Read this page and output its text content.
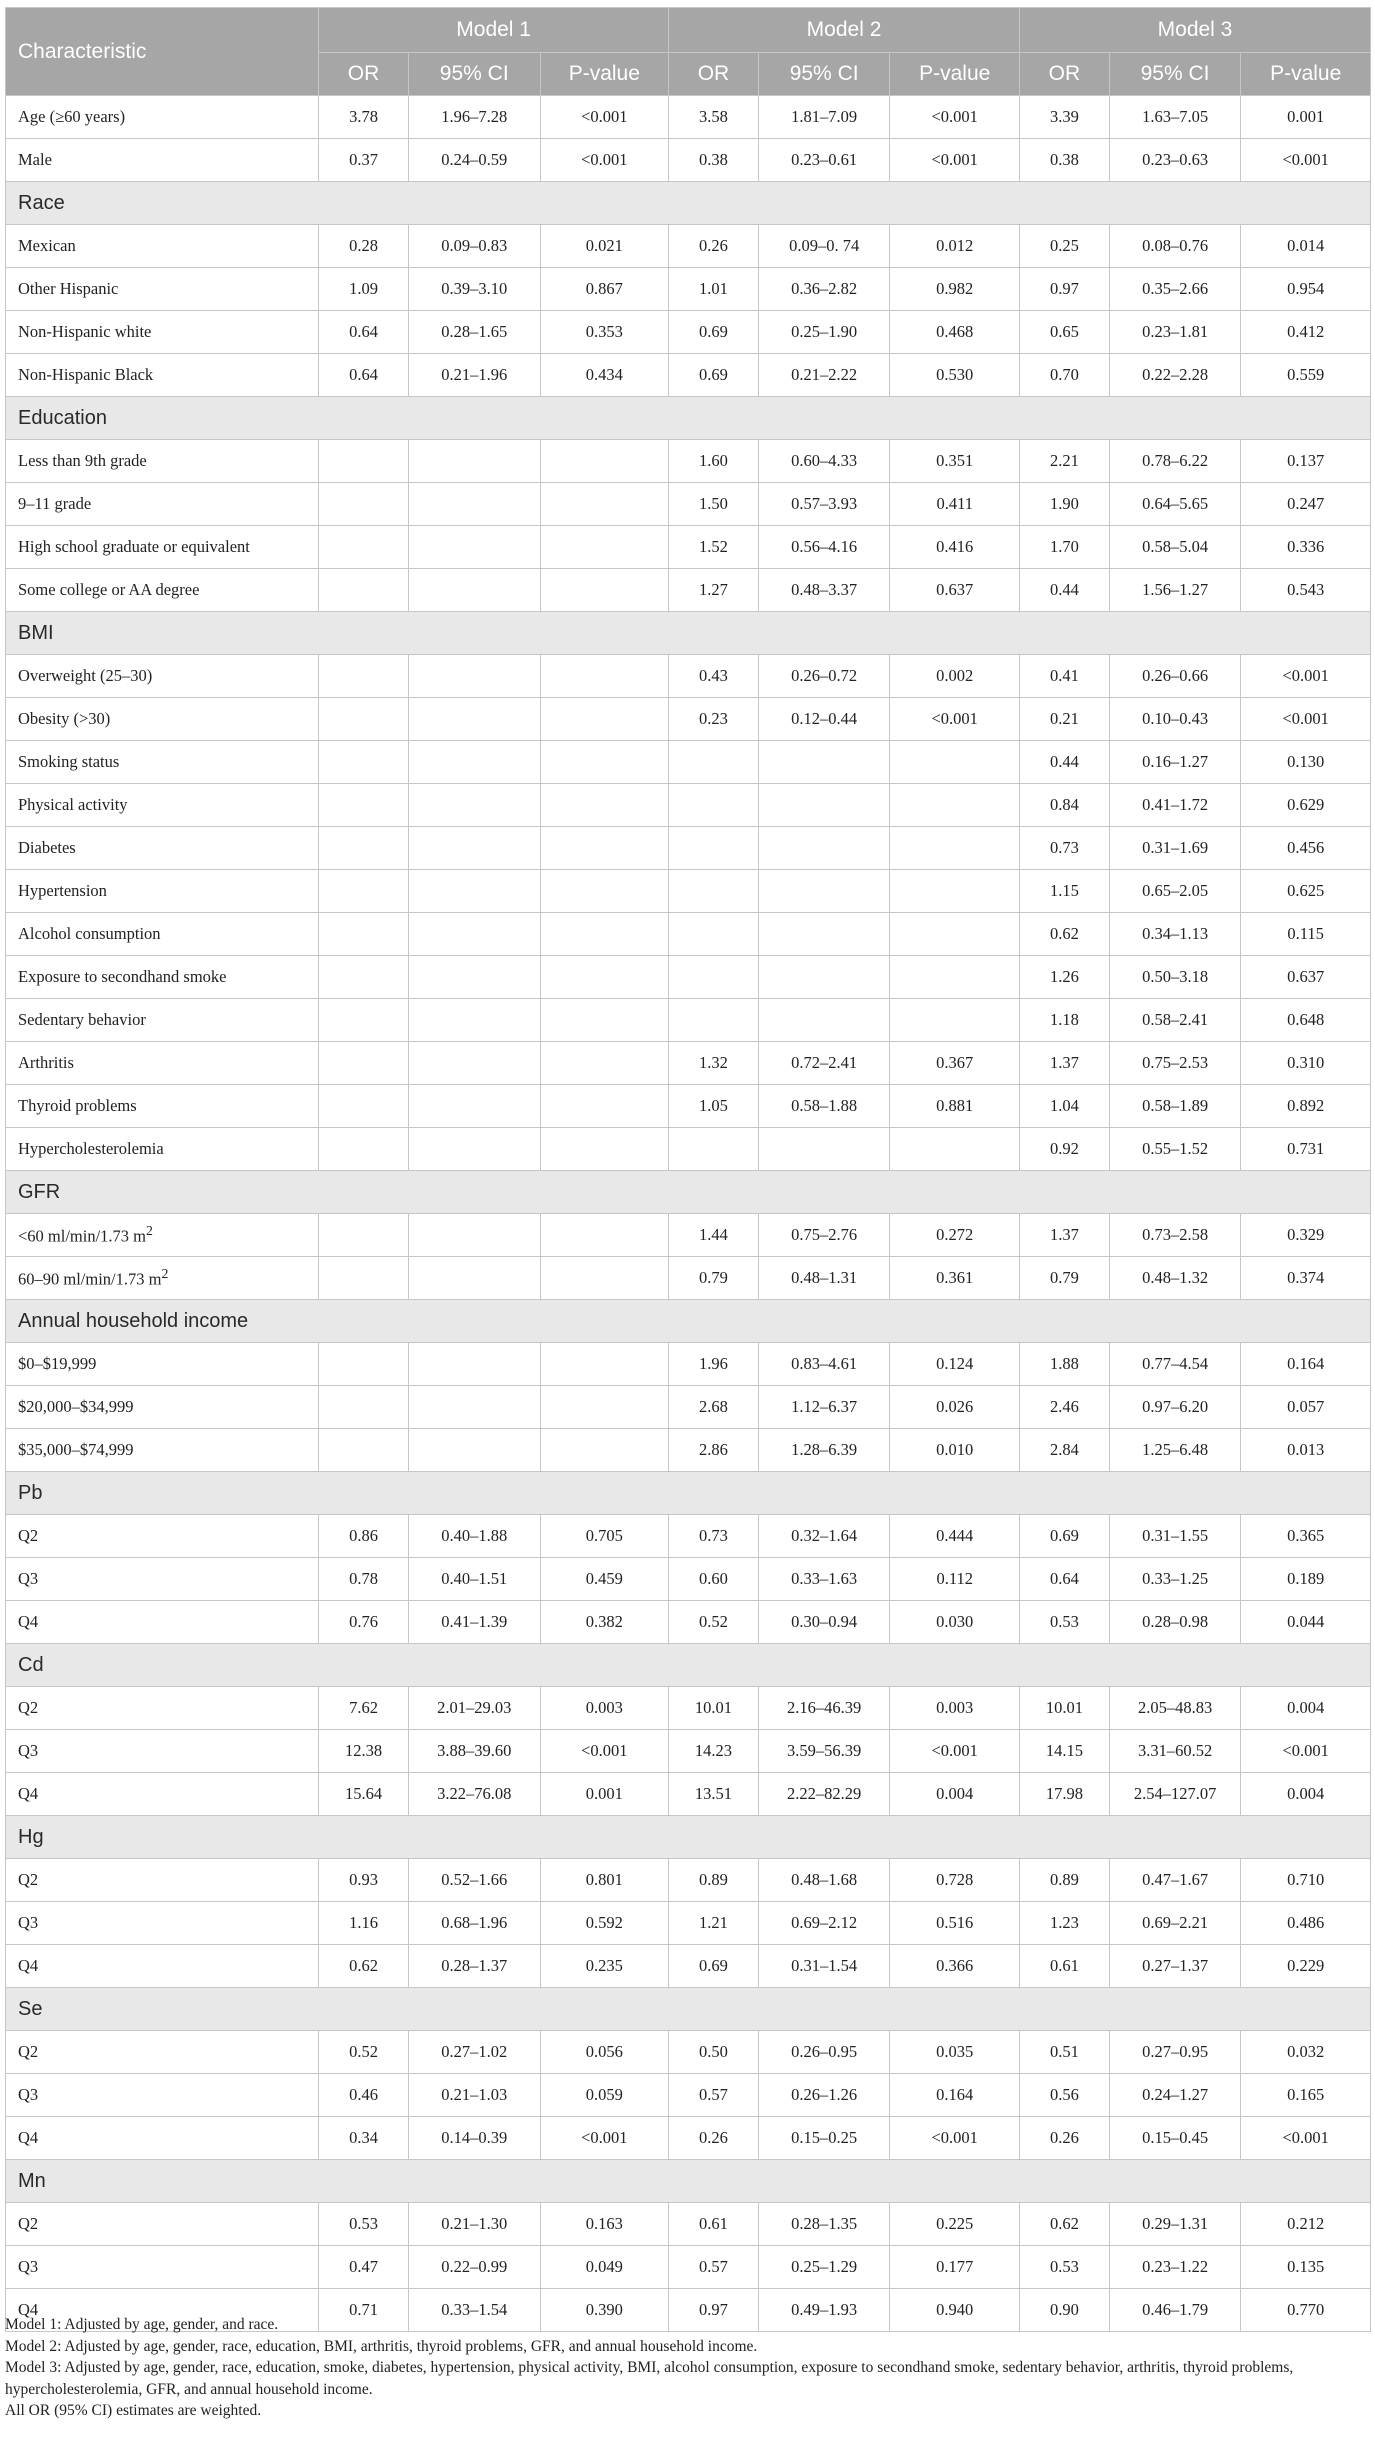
Characteristic	Model 1			Model 2			Model 3		
	OR	95% CI	P-value	OR	95% CI	P-value	OR	95% CI	P-value
Age (≥60 years)	3.78	1.96–7.28	<0.001	3.58	1.81–7.09	<0.001	3.39	1.63–7.05	0.001
Male	0.37	0.24–0.59	<0.001	0.38	0.23–0.61	<0.001	0.38	0.23–0.63	<0.001
Race									
Mexican	0.28	0.09–0.83	0.021	0.26	0.09–0. 74	0.012	0.25	0.08–0.76	0.014
Other Hispanic	1.09	0.39–3.10	0.867	1.01	0.36–2.82	0.982	0.97	0.35–2.66	0.954
Non-Hispanic white	0.64	0.28–1.65	0.353	0.69	0.25–1.90	0.468	0.65	0.23–1.81	0.412
Non-Hispanic Black	0.64	0.21–1.96	0.434	0.69	0.21–2.22	0.530	0.70	0.22–2.28	0.559
Education									
Less than 9th grade				1.60	0.60–4.33	0.351	2.21	0.78–6.22	0.137
9–11 grade				1.50	0.57–3.93	0.411	1.90	0.64–5.65	0.247
High school graduate or equivalent				1.52	0.56–4.16	0.416	1.70	0.58–5.04	0.336
Some college or AA degree				1.27	0.48–3.37	0.637	0.44	1.56–1.27	0.543
BMI									
Overweight (25–30)				0.43	0.26–0.72	0.002	0.41	0.26–0.66	<0.001
Obesity (>30)				0.23	0.12–0.44	<0.001	0.21	0.10–0.43	<0.001
Smoking status							0.44	0.16–1.27	0.130
Physical activity							0.84	0.41–1.72	0.629
Diabetes							0.73	0.31–1.69	0.456
Hypertension							1.15	0.65–2.05	0.625
Alcohol consumption							0.62	0.34–1.13	0.115
Exposure to secondhand smoke							1.26	0.50–3.18	0.637
Sedentary behavior							1.18	0.58–2.41	0.648
Arthritis				1.32	0.72–2.41	0.367	1.37	0.75–2.53	0.310
Thyroid problems				1.05	0.58–1.88	0.881	1.04	0.58–1.89	0.892
Hypercholesterolemia							0.92	0.55–1.52	0.731
GFR									
<60 ml/min/1.73 $m^2$				1.44	0.75–2.76	0.272	1.37	0.73–2.58	0.329
60–90 ml/min/1.73 $m^2$				0.79	0.48–1.31	0.361	0.79	0.48–1.32	0.374
Annual household income									
$0–$19,999				1.96	0.83–4.61	0.124	1.88	0.77–4.54	0.164
$20,000–$34,999				2.68	1.12–6.37	0.026	2.46	0.97–6.20	0.057
$35,000–$74,999				2.86	1.28–6.39	0.010	2.84	1.25–6.48	0.013
Pb									
Q2	0.86	0.40–1.88	0.705	0.73	0.32–1.64	0.444	0.69	0.31–1.55	0.365
Q3	0.78	0.40–1.51	0.459	0.60	0.33–1.63	0.112	0.64	0.33–1.25	0.189
Q4	0.76	0.41–1.39	0.382	0.52	0.30–0.94	0.030	0.53	0.28–0.98	0.044
Cd									
Q2	7.62	2.01–29.03	0.003	10.01	2.16–46.39	0.003	10.01	2.05–48.83	0.004
Q3	12.38	3.88–39.60	<0.001	14.23	3.59–56.39	<0.001	14.15	3.31–60.52	<0.001
Q4	15.64	3.22–76.08	0.001	13.51	2.22–82.29	0.004	17.98	2.54–127.07	0.004
Hg									
Q2	0.93	0.52–1.66	0.801	0.89	0.48–1.68	0.728	0.89	0.47–1.67	0.710
Q3	1.16	0.68–1.96	0.592	1.21	0.69–2.12	0.516	1.23	0.69–2.21	0.486
Q4	0.62	0.28–1.37	0.235	0.69	0.31–1.54	0.366	0.61	0.27–1.37	0.229
Se									
Q2	0.52	0.27–1.02	0.056	0.50	0.26–0.95	0.035	0.51	0.27–0.95	0.032
Q3	0.46	0.21–1.03	0.059	0.57	0.26–1.26	0.164	0.56	0.24–1.27	0.165
Q4	0.34	0.14–0.39	<0.001	0.26	0.15–0.25	<0.001	0.26	0.15–0.45	<0.001
Mn									
Q2	0.53	0.21–1.30	0.163	0.61	0.28–1.35	0.225	0.62	0.29–1.31	0.212
Q3	0.47	0.22–0.99	0.049	0.57	0.25–1.29	0.177	0.53	0.23–1.22	0.135
Q4	0.71	0.33–1.54	0.390	0.97	0.49–1.93	0.940	0.90	0.46–1.79	0.770

Model 1: Adjusted by age, gender, and race.

Model 2: Adjusted by age, gender, race, education, BMI, arthritis, thyroid problems, GFR, and annual household income.

Model 3: Adjusted by age, gender, race, education, smoke, diabetes, hypertension, physical activity, BMI, alcohol consumption, exposure to secondhand smoke, sedentary behavior, arthritis, thyroid problems, hypercholesterolemia, GFR, and annual household income.

All OR (95% CI) estimates are weighted.
